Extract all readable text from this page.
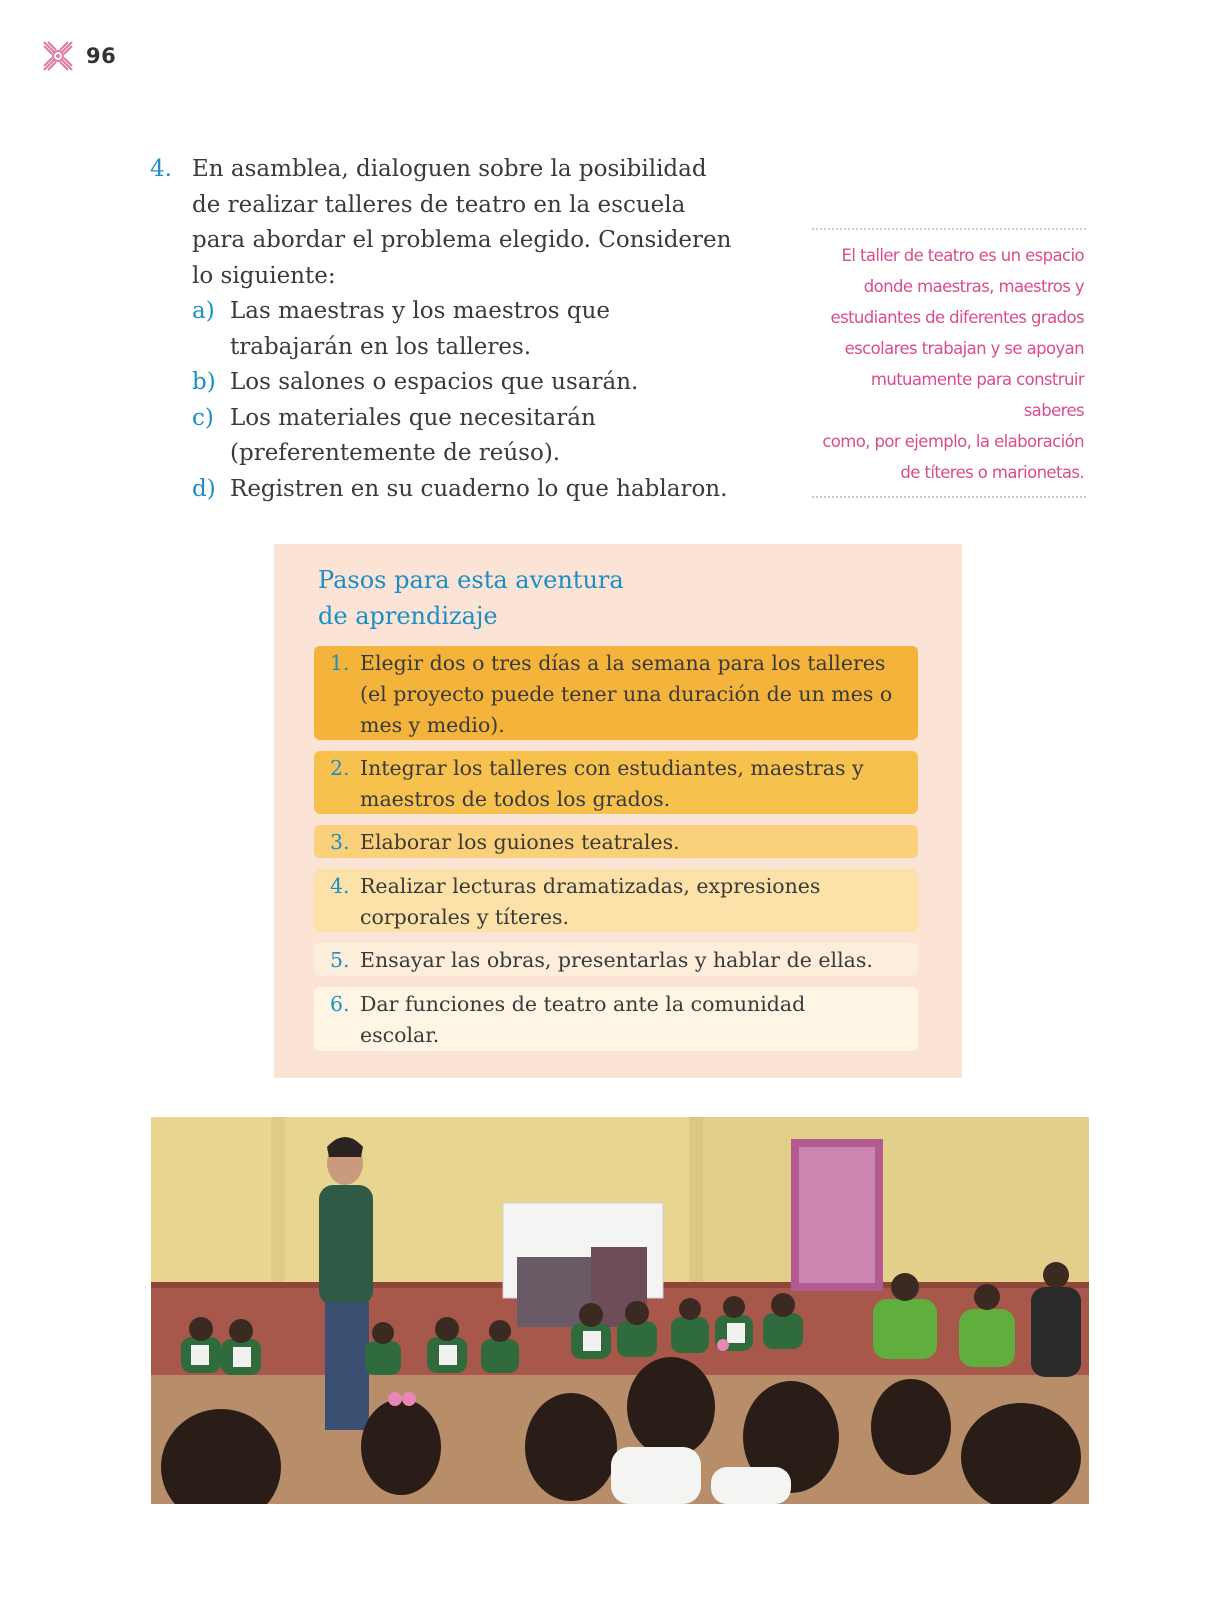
96
4. En asamblea, dialoguen sobre la posibilidad
de realizar talleres de teatro en la escuela
para abordar el problema elegido. Consideren
lo siguiente:
a) Las maestras y los maestros que
trabajarán en los talleres.
b) Los salones o espacios que usarán.
c) Los materiales que necesitarán
(preferentemente de reúso).
d) Registren en su cuaderno lo que hablaron.
El taller de teatro es un espacio
donde maestras, maestros y
estudiantes de diferentes grados
escolares trabajan y se apoyan
mutuamente para construir saberes
como, por ejemplo, la elaboración
de títeres o marionetas.
Pasos para esta aventura
de aprendizaje
1. Elegir dos o tres días a la semana para los talleres
(el proyecto puede tener una duración de un mes o
mes y medio).
2. Integrar los talleres con estudiantes, maestras y
maestros de todos los grados.
3. Elaborar los guiones teatrales.
4. Realizar lecturas dramatizadas, expresiones
corporales y títeres.
5. Ensayar las obras, presentarlas y hablar de ellas.
6. Dar funciones de teatro ante la comunidad
escolar.
